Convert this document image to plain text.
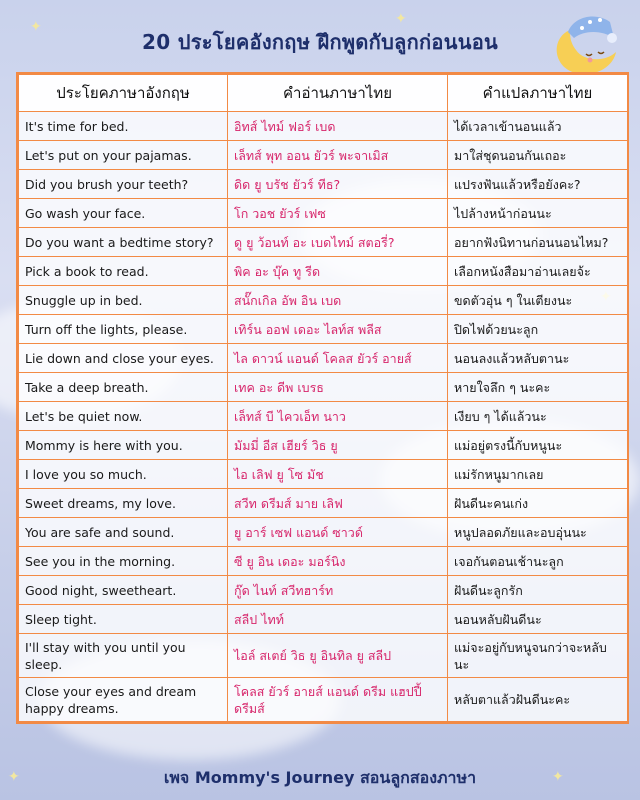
✦	✦
✦
✦
20 ประโยคอังกฤษ ฝึกพูดกับลูกก่อนนอน
ประโยคภาษาอังกฤษ	คำอ่านภาษาไทย	คำแปลภาษาไทย
It's time for bed.	อิทส์ ไทม์ ฟอร์ เบด	ได้เวลาเข้านอนแล้ว
Let's put on your pajamas.	เล็ทส์ พุท ออน ยัวร์ พะจาเมิส	มาใส่ชุดนอนกันเถอะ
Did you brush your teeth?	ดิด ยู บรัช ยัวร์ ทีธ?	แปรงฟันแล้วหรือยังคะ?
Go wash your face.	โก วอช ยัวร์ เฟซ	ไปล้างหน้าก่อนนะ
Do you want a bedtime story?	ดู ยู ว้อนท์ อะ เบดไทม์ สตอรี่?	อยากฟังนิทานก่อนนอนไหม?
Pick a book to read.	พิค อะ บุ๊ค ทู รีด	เลือกหนังสือมาอ่านเลยจ้ะ
Snuggle up in bed.	สนั๊กเกิล อัพ อิน เบด	ขดตัวอุ่น ๆ ในเตียงนะ
Turn off the lights, please.	เทิร์น ออฟ เดอะ ไลท์ส พลีส	ปิดไฟด้วยนะลูก
Lie down and close your eyes.	ไล ดาวน์ แอนด์ โคลส ยัวร์ อายส์	นอนลงแล้วหลับตานะ
Take a deep breath.	เทค อะ ดีพ เบรธ	หายใจลึก ๆ นะคะ
Let's be quiet now.	เล็ทส์ บี ไควเอ็ท นาว	เงียบ ๆ ได้แล้วนะ
Mommy is here with you.	มัมมี่ อีส เฮียร์ วิธ ยู	แม่อยู่ตรงนี้กับหนูนะ
I love you so much.	ไอ เลิฟ ยู โซ มัช	แม่รักหนูมากเลย
Sweet dreams, my love.	สวีท ดรีมส์ มาย เลิฟ	ฝันดีนะคนเก่ง
You are safe and sound.	ยู อาร์ เซฟ แอนด์ ซาวด์	หนูปลอดภัยและอบอุ่นนะ
See you in the morning.	ซี ยู อิน เดอะ มอร์นิง	เจอกันตอนเช้านะลูก
Good night, sweetheart.	กู๊ด ไนท์ สวีทฮาร์ท	ฝันดีนะลูกรัก
Sleep tight.	สลีป ไทท์	นอนหลับฝันดีนะ
I'll stay with you until you sleep.	ไอล์ สเตย์ วิธ ยู อินทิล ยู สลีป	แม่จะอยู่กับหนูจนกว่าจะหลับนะ
Close your eyes and dream happy dreams.	โคลส ยัวร์ อายส์ แอนด์ ดรีม แฮปปี้ ดรีมส์	หลับตาแล้วฝันดีนะคะ
เพจ Mommy's Journey สอนลูกสองภาษา
